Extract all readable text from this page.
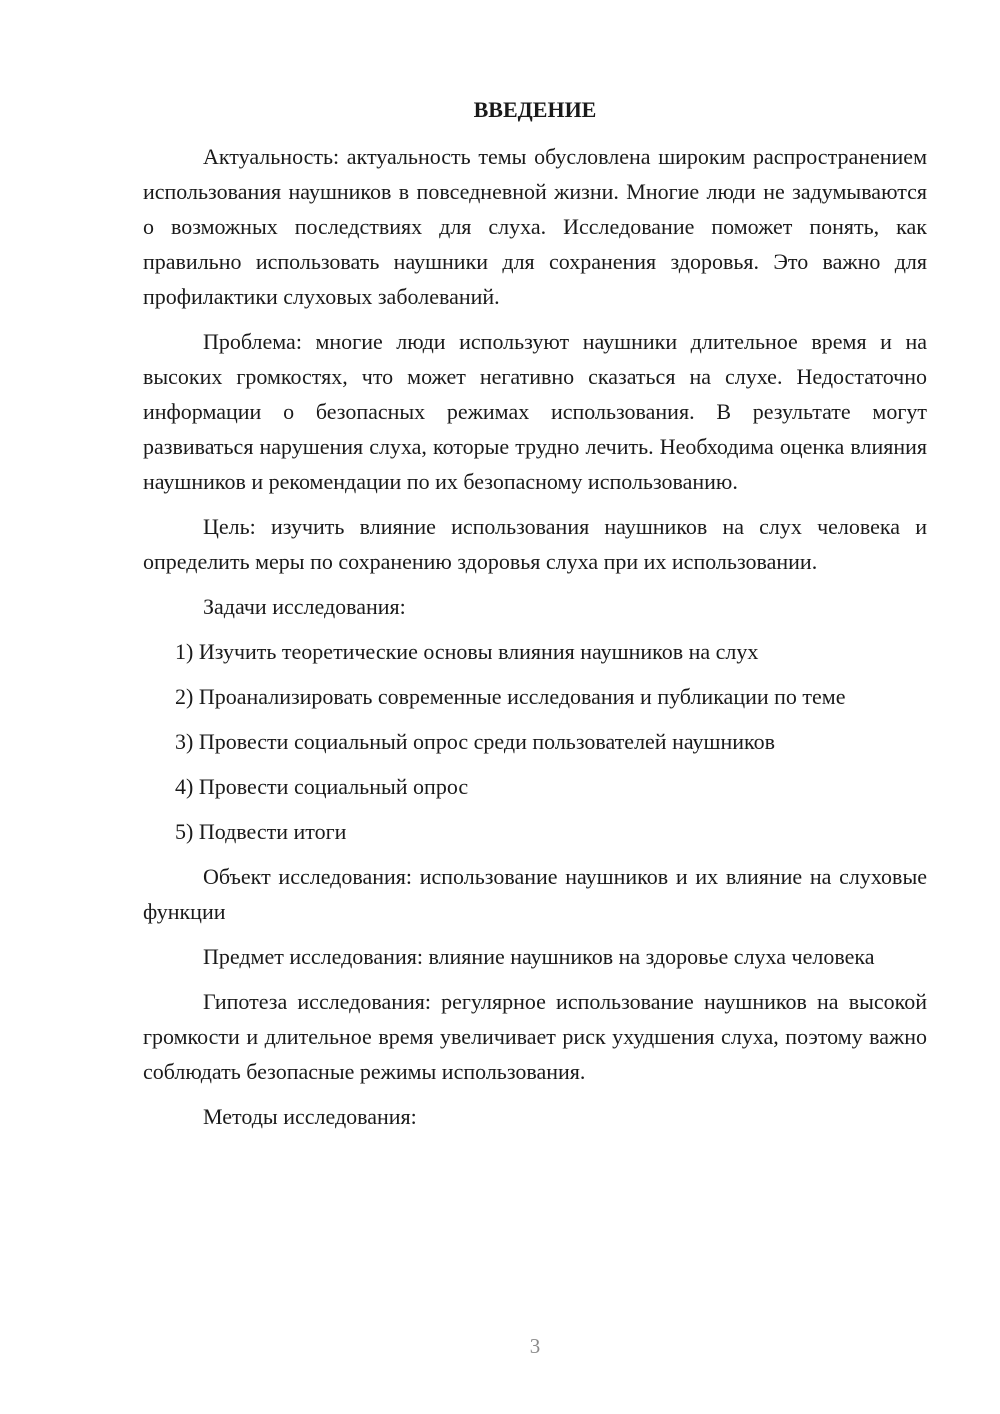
ВВЕДЕНИЕ

Актуальность: актуальность темы обусловлена широким распространением использования наушников в повседневной жизни. Многие люди не задумываются о возможных последствиях для слуха. Исследование поможет понять, как правильно использовать наушники для сохранения здоровья. Это важно для профилактики слуховых заболеваний.

Проблема: многие люди используют наушники длительное время и на высоких громкостях, что может негативно сказаться на слухе. Недостаточно информации о безопасных режимах использования. В результате могут развиваться нарушения слуха, которые трудно лечить. Необходима оценка влияния наушников и рекомендации по их безопасному использованию.

Цель: изучить влияние использования наушников на слух человека и определить меры по сохранению здоровья слуха при их использовании.

Задачи исследования:

1) Изучить теоретические основы влияния наушников на слух

2) Проанализировать современные исследования и публикации по теме

3) Провести социальный опрос среди пользователей наушников

4) Провести социальный опрос

5) Подвести итоги

Объект исследования: использование наушников и их влияние на слуховые функции

Предмет исследования: влияние наушников на здоровье слуха человека

Гипотеза исследования: регулярное использование наушников на высокой громкости и длительное время увеличивает риск ухудшения слуха, поэтому важно соблюдать безопасные режимы использования.

Методы исследования:

3
